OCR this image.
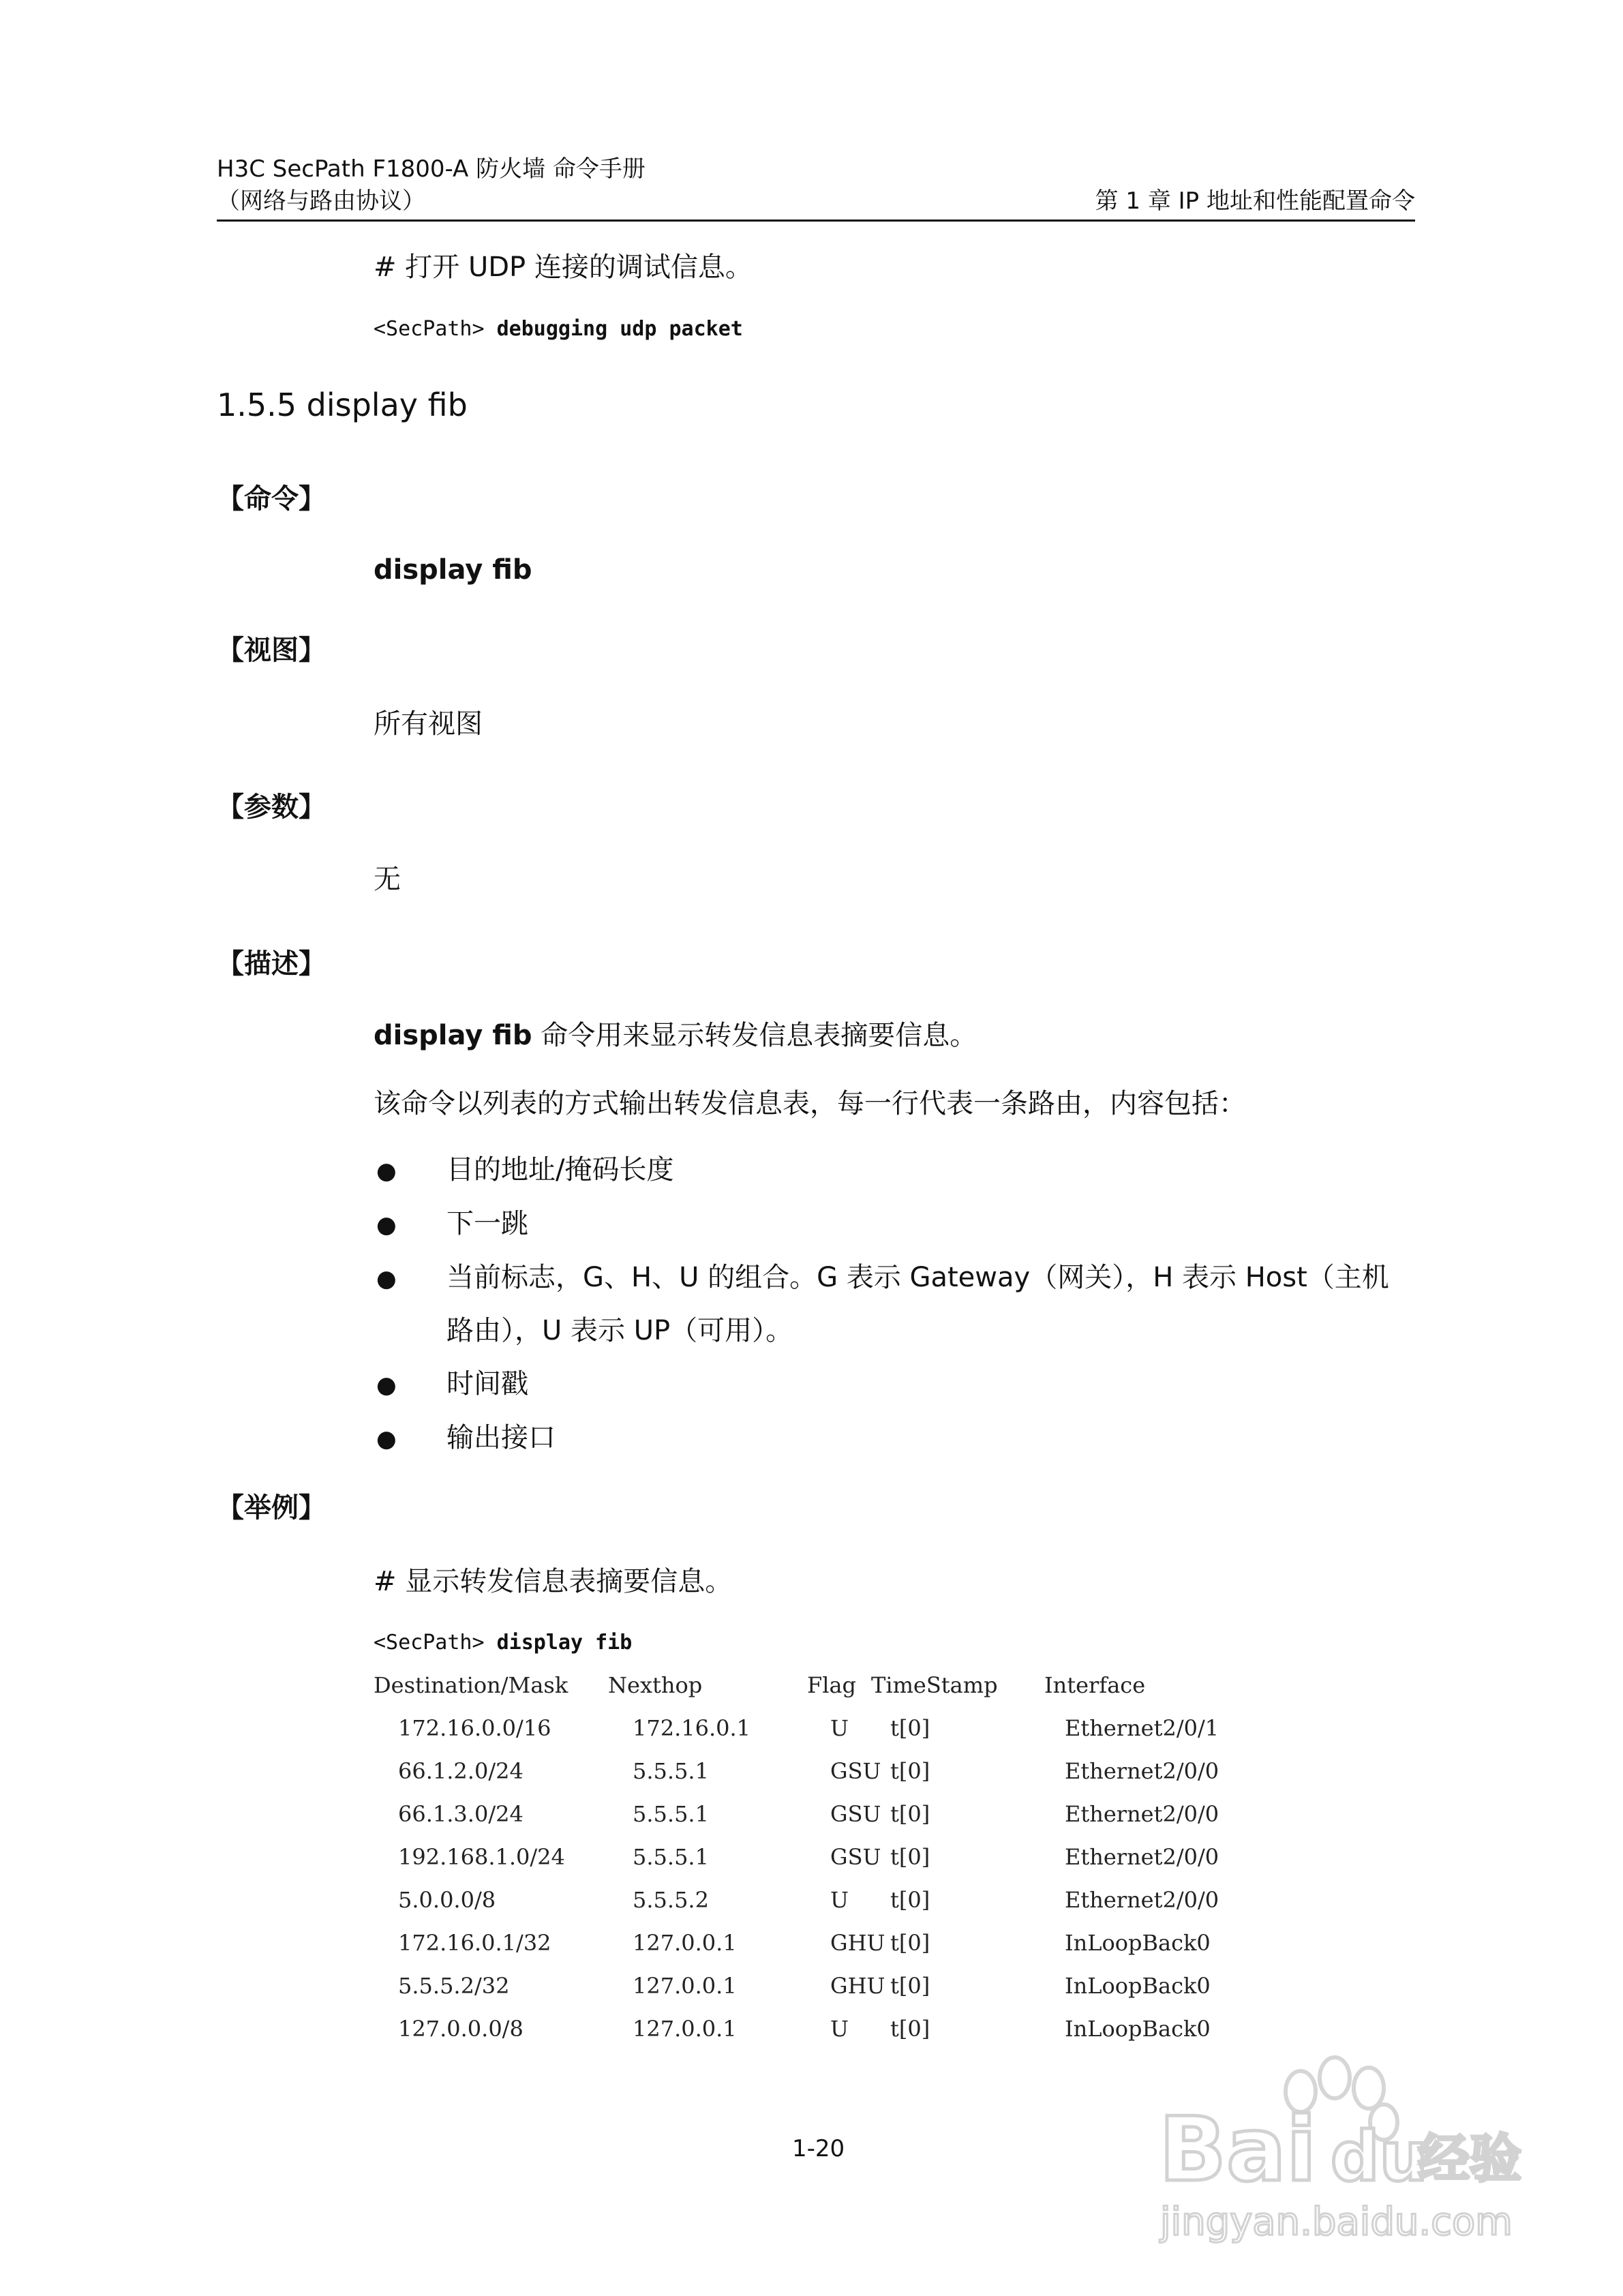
H3C SecPath F1800-A 防火墙 命令手册
（网络与路由协议）	第 1 章 IP 地址和性能配置命令
# 打开 UDP 连接的调试信息。
<SecPath> debugging udp packet
1.5.5 display fib
【命令】
display fib
【视图】
所有视图
【参数】
无
【描述】
display fib 命令用来显示转发信息表摘要信息。
该命令以列表的方式输出转发信息表，每一行代表一条路由，内容包括：
● 目的地址/掩码长度
● 下一跳
● 当前标志，G、H、U 的组合。G 表示 Gateway（网关），H 表示 Host（主机
路由），U 表示 UP（可用）。
● 时间戳
● 输出接口
【举例】
# 显示转发信息表摘要信息。
<SecPath> display fib
Destination/Mask Nexthop	Flag TimeStamp Interface
172.16.0.0/16	172.16.0.1	U t[0]	Ethernet2/0/1
66.1.2.0/24	5.5.5.1	GSU t[0]	Ethernet2/0/0
66.1.3.0/24	5.5.5.1	GSU t[0]	Ethernet2/0/0
192.168.1.0/24	5.5.5.1	GSU t[0]	Ethernet2/0/0
5.0.0.0/8	5.5.5.2	U t[0]	Ethernet2/0/0
172.16.0.1/32	127.0.0.1	GHU t[0]	InLoopBack0
5.5.5.2/32	127.0.0.1	GHU t[0]	InLoopBack0
127.0.0.0/8	127.0.0.1	U t[0]	InLoopBack0
1-20	Bai du
经验
jingyan.baidu.com
